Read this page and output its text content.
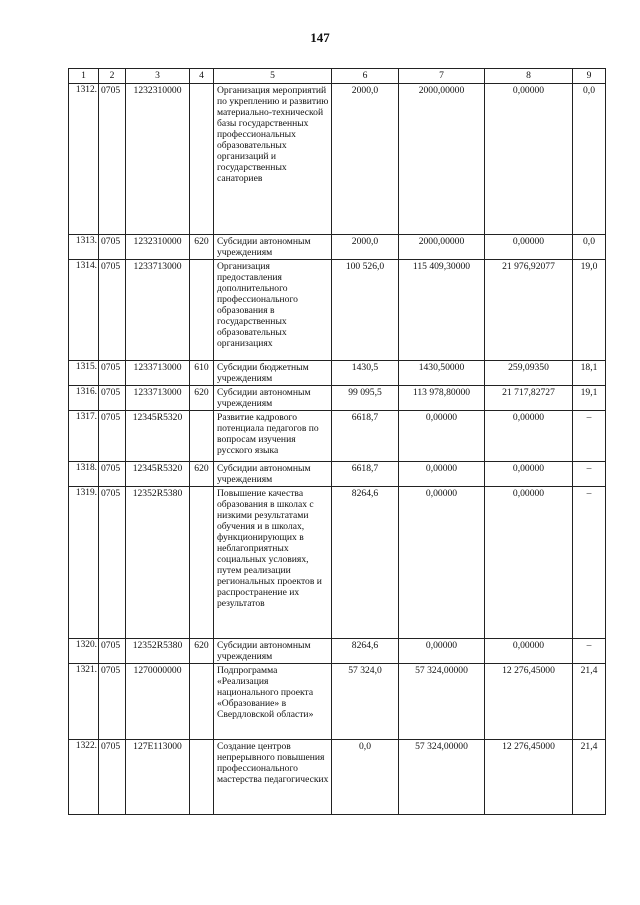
147
1	2	3	4	5	6	7	8	9
1312.	0705	1232310000		Организация мероприятий по укреплению и развитию материально-технической базы государственных профессиональных образовательных организаций и государственных санаториев	2000,0	2000,00000	0,00000	0,0
1313.	0705	1232310000	620	Субсидии автономным учреждениям	2000,0	2000,00000	0,00000	0,0
1314.	0705	1233713000		Организация предоставления дополнительного профессионального образования в государственных образовательных организациях	100 526,0	115 409,30000	21 976,92077	19,0
1315.	0705	1233713000	610	Субсидии бюджетным учреждениям	1430,5	1430,50000	259,09350	18,1
1316.	0705	1233713000	620	Субсидии автономным учреждениям	99 095,5	113 978,80000	21 717,82727	19,1
1317.	0705	12345R5320		Развитие кадрового потенциала педагогов по вопросам изучения русского языка	6618,7	0,00000	0,00000	–
1318.	0705	12345R5320	620	Субсидии автономным учреждениям	6618,7	0,00000	0,00000	–
1319.	0705	12352R5380		Повышение качества образования в школах с низкими результатами обучения и в школах, функционирующих в неблагоприятных социальных условиях, путем реализации региональных проектов и распространение их результатов	8264,6	0,00000	0,00000	–
1320.	0705	12352R5380	620	Субсидии автономным учреждениям	8264,6	0,00000	0,00000	–
1321.	0705	1270000000		Подпрограмма «Реализация национального проекта «Образование» в Свердловской области»	57 324,0	57 324,00000	12 276,45000	21,4
1322.	0705	127E113000		Создание центров непрерывного повышения профессионального мастерства педагогических	0,0	57 324,00000	12 276,45000	21,4
